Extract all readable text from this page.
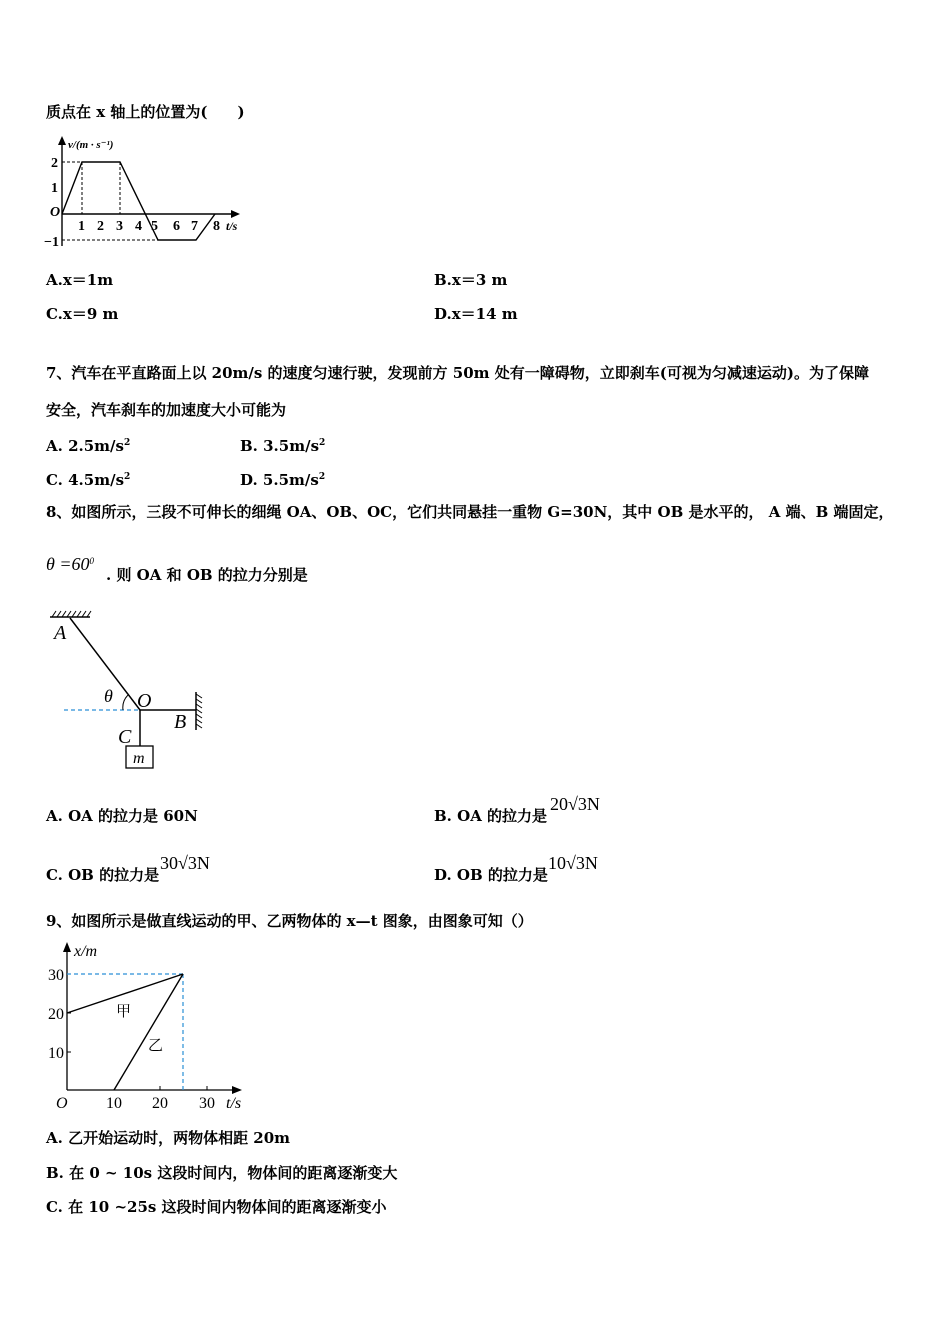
质点在 x 轴上的位置为(　　)
v/(m · s⁻¹)
2
1
−1
O
1 2 3 4 5 6 7 8 t/s
A.x＝1m	B.x＝3 m
C.x＝9 m	D.x＝14 m
7、汽车在平直路面上以 20m/s 的速度匀速行驶，发现前方 50m 处有一障碍物，立即刹车(可视为匀减速运动)。为了保障
安全，汽车刹车的加速度大小可能为
A. $2.5m/s^2$	B. $3.5m/s^2$
C. $4.5m/s^2$	D. $5.5m/s^2$
8、如图所示，三段不可伸长的细绳 OA、OB、OC，它们共同悬挂一重物 G=30N，其中 OB 是水平的， A 端、B 端固定，
$\theta =60^0$
. 则 OA 和 OB 的拉力分别是
A
θ O
B
C
m
A. OA 的拉力是 60N	B. OA 的拉力是
20√3N
C. OB 的拉力是
30√3N
D. OB 的拉力是
10√3N
9、如图所示是做直线运动的甲、乙两物体的 x—t 图象，由图象可知（）
x/m
30
20
10
O 10 20 30 t/s
甲
乙
A. 乙开始运动时，两物体相距 20m
B. 在 0 ~ 10s 这段时间内，物体间的距离逐渐变大
C. 在 10 ~25s 这段时间内物体间的距离逐渐变小
